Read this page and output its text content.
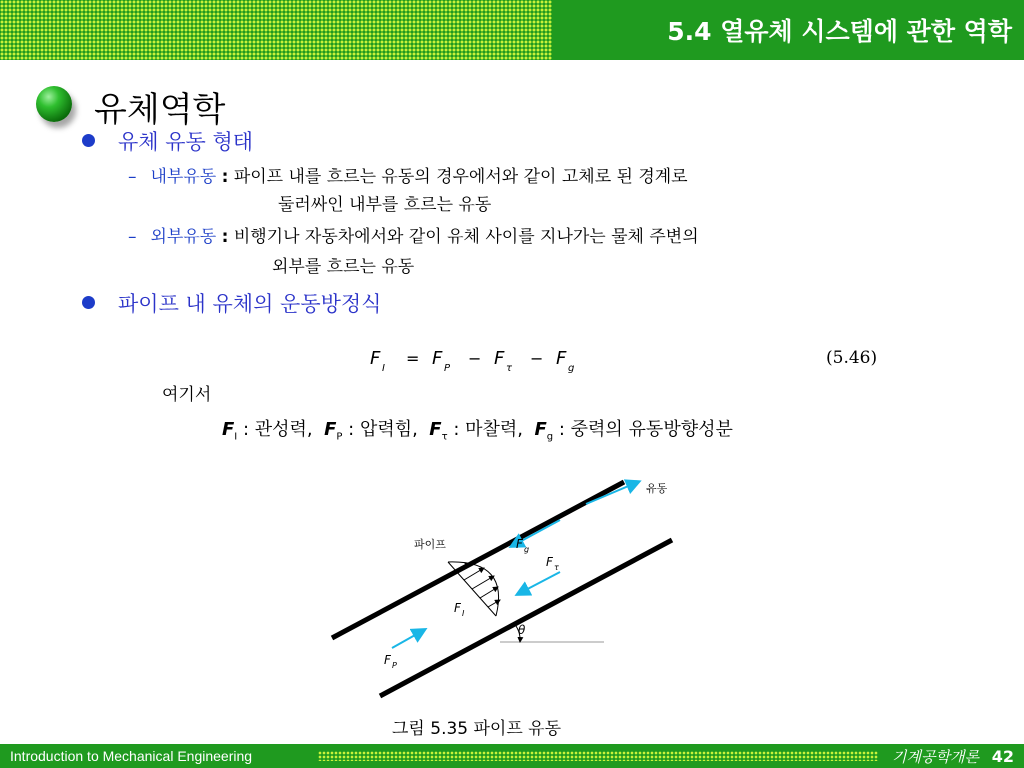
5.4 열유체 시스템에 관한 역학
유체역학
유체 유동 형태
– 내부유동 : 파이프 내를 흐르는 유동의 경우에서와 같이 고체로 된 경계로
둘러싸인 내부를 흐르는 유동
– 외부유동 : 비행기나 자동차에서와 같이 유체 사이를 지나가는 물체 주변의
외부를 흐르는 유동
파이프 내 유체의 운동방정식
F I
= F P
− F τ
− F g
(5.46)
여기서
$F_I$ : 관성력, $F_P$ : 압력힘, $F_\tau$ : 마찰력, $F_g$ : 중력의 유동방향성분
θ
유동
파이프	F g
F τ
F I
F P
그림 5.35 파이프 유동
Introduction to Mechanical Engineering	기계공학개론 42
